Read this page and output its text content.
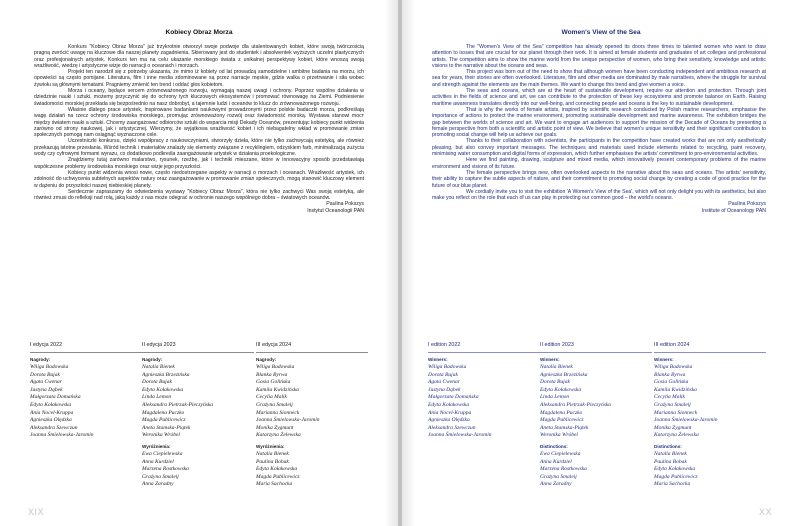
Kobiecy Obraz Morza

Konkurs "Kobiecy Obraz Morza" już trzykrotnie otworzył swoje podwoje dla utalentowanych kobiet, które swoją twórczością pragną zwrócić uwagę na kluczowe dla naszej planety zagadnienia. Skierowany jest do studentek i absolwentek wyższych uczelni plastycznych oraz profesjonalnych artystek. Konkurs ten ma na celu ukazanie morskiego świata z unikalnej perspektywy kobiet, które wnoszą swoją wrażliwość, wiedzę i artystyczne wizje do narracji o oceanach i morzach.

Projekt ten narodził się z potrzeby ukazania, że mimo iż kobiety od lat prowadzą samodzielne i ambitne badania na morzu, ich opowieści są często pomijane. Literatura, film i inne media zdominowane są przez narracje męskie, gdzie walka o przetrwanie i siła wobec żywiołu są głównymi tematami. Pragniemy zmienić ten trend i oddać głos kobietom.

Morza i oceany, będące sercem zrównoważonego rozwoju, wymagają naszej uwagi i ochrony. Poprzez wspólne działania w dziedzinie nauki i sztuki, możemy przyczynić się do ochrony tych kluczowych ekosystemów i promować równowagę na Ziemi. Podniesienie świadomości morskiej przekłada się bezpośrednio na nasz dobrobyt, a tajemnie ludzi i oceanów to klucz do zrównoważonego rozwoju.

Właśnie dlatego prace artystek, inspirowane badaniami naukowymi prowadzonymi przez polskie badaczki morza, podkreślają wagę działań na rzecz ochrony środowiska morskiego, promując zrównoważony rozwój oraz świadomość morską. Wystawa stanowi mост między światem nauki a sztuki. Chcemy zaangażować odbiorców sztuki do wsparcia misji Dekady Oceanów, prezentując kobiecy punkt widzenia zarówno od strony naukowej, jak i artystycznej. Wierzymy, że wyjątkowa wrażliwość kobiet i ich niebagatelny wkład w promowanie zmian społecznych pomogą nam osiągnąć wyznaczone cele.

Uczestniczki konkursu, dzięki współpracy z naukowczyniami, stworzyły dzieła, które nie tylko zachwycają estetyką, ale również przekazują istotne przesłania. Wśród technik i materiałów znalazły się elementy związane z recyklingiem, odzyskiem farb, minimalizacją zużycia wody czy cyfrowymi formami wyrazu, co dodatkowo podkreśla zaangażowanie artystek w działania proekologiczne.

Znajdziemy tutaj zarówno malarstwo, rysunek, rzeźbę, jak i techniki mieszane, które w innowacyjny sposób przedstawiają współczesne problemy środowiska morskiego oraz wizje jego przyszłości.

Kobiecy punkt widzenia wnosi nowe, często niedostrzegane aspekty w narracji o morzach i oceanach. Wrażliwość artystek, ich zdolność do uchwycenia subtelnych aspektów natury oraz zaangażowanie w promowanie zmian społecznych, mogą stanowić kluczowy element w dążeniu do przyszłości naszej niebieskiej planety.

Serdecznie zapraszamy do odwiedzenia wystawy "Kobiecy Obraz Morza", która nie tylko zachwyci Was swoją estetyką, ale również zmusi do refleksji nad rolą, jaką każdy z nas może odegrać w ochronie naszego wspólnego dobra – światowych oceanów.

Paulina Pokszys

Instytut Oceanologii PAN

I edycja 2022
Nagrody:
Wiliga Badowska
Dorota Bujak
Agata Cwenar
Justyna Dąbek
Małgorzata Domańska
Edyta Kołakowska
Ania Nocel-Kruppa
Agnieszka Olędzka
Aleksandra Szewczun
Joanna Śmielowska-Jaromin
II edycja 2023
Nagrody:
Natalia Bienek
Agnieszka Brzezińska
Dorota Bujak
Edyta Kołakowska
Linda Lemon
Aleksandra Pietrzak-Pieczyńska
Magdalena Puczko
Magda Publicewicz
Aneta Stamska-Piątek
Weronika Wróbel
Wyróżnienia:
Ewa Ciepielewska
Anna Kurdziel
Marzena Rostkowska
Grażyna Smaleij
Anna Zaradny
III edycja 2024
Nagrody:
Wiliga Badowska
Blanka Byrwa
Gosia Golińska
Kamila Kwidzińska
Cecylia Malik
Grażyna Smaleij
Marianna Sionneck
Joanna Śmielowska-Jaromin
Monika Zygmunt
Katarzyna Żelewska
Wyróżnienia:
Natalia Bienek
Paulina Bobak
Edyta Kołakowska
Magda Publicewicz
Maria Sachocka
XIX
Women's View of the Sea

The "Women's View of the Sea" competition has already opened its doors three times to talented women who want to draw attention to issues that are crucial for our planet through their work. It is aimed at female students and graduates of art colleges and professional artists. The competition aims to show the marine world from the unique perspective of women, who bring their sensitivity, knowledge and artistic visions to the narrative about the oceans and seas.

This project was born out of the need to show that although women have been conducting independent and ambitious research at sea for years, their stories are often overlooked. Literature, film and other media are dominated by male narratives, where the struggle for survival and strength against the elements are the main themes. We want to change this trend and give women a voice.

The seas and oceans, which are at the heart of sustainable development, require our attention and protection. Through joint activities in the fields of science and art, we can contribute to the protection of these key ecosystems and promote balance on Earth. Raising maritime awareness translates directly into our well-being, and connecting people and oceans is the key to sustainable development.

That is why the works of female artists, inspired by scientific research conducted by Polish marine researchers, emphasise the importance of actions to protect the marine environment, promoting sustainable development and marine awareness. The exhibition bridges the gap between the worlds of science and art. We want to engage art audiences to support the mission of the Decade of Oceans by presenting a female perspective from both a scientific and artistic point of view. We believe that women's unique sensitivity and their significant contribution to promoting social change will help us achieve our goals.

Thanks to their collaboration with scientists, the participants in the competition have created works that are not only aesthetically pleasing, but also convey important messages. The techniques and materials used include elements related to recycling, paint recovery, minimising water consumption and digital forms of expression, which further emphasises the artists' commitment to pro-environmental activities.

Here we find painting, drawing, sculpture and mixed media, which innovatively present contemporary problems of the marine environment and visions of its future.

The female perspective brings new, often overlooked aspects to the narrative about the seas and oceans. The artists' sensitivity, their ability to capture the subtle aspects of nature, and their commitment to promoting social change by creating a code of good practice for the future of our blue planet.

We cordially invite you to visit the exhibition 'A Women's View of the Sea', which will not only delight you with its aesthetics, but also make you reflect on the role that each of us can play in protecting our common good – the world's oceans.

Paulina Pokszys

Institute of Oceanology PAN

I edition 2022
Winners:
Wiliga Badowska
Dorota Bujak
Agata Cwenar
Justyna Dąbek
Małgorzata Domańska
Edyta Kołakowska
Ania Nocel-Kruppa
Agnieszka Olędzka
Aleksandra Szewczun
Joanna Śmielowska-Jaromin
II edition 2023
Winners:
Natalia Bienek
Agnieszka Brzezińska
Dorota Bujak
Edyta Kołakowska
Linda Lemon
Aleksandra Pietrzak-Pieczyńska
Magdalena Puczko
Magda Publicewicz
Aneta Stamska-Piątek
Weronika Wróbel
Distinctions:
Ewa Ciepielewska
Anna Kurdziel
Marzena Rostkowska
Grażyna Smaleij
Anna Zaradny
III edition 2024
Winners:
Wiliga Badowska
Blanka Byrwa
Gosia Golińska
Kamila Kwidzińska
Cecylia Malik
Grażyna Smaleij
Marianna Sionneck
Joanna Śmielowska-Jaromin
Monika Zygmunt
Katarzyna Żelewska
Distinctions:
Natalia Bienek
Paulina Bobak
Edyta Kołakowska
Magda Publicewicz
Maria Sachocka
XX
